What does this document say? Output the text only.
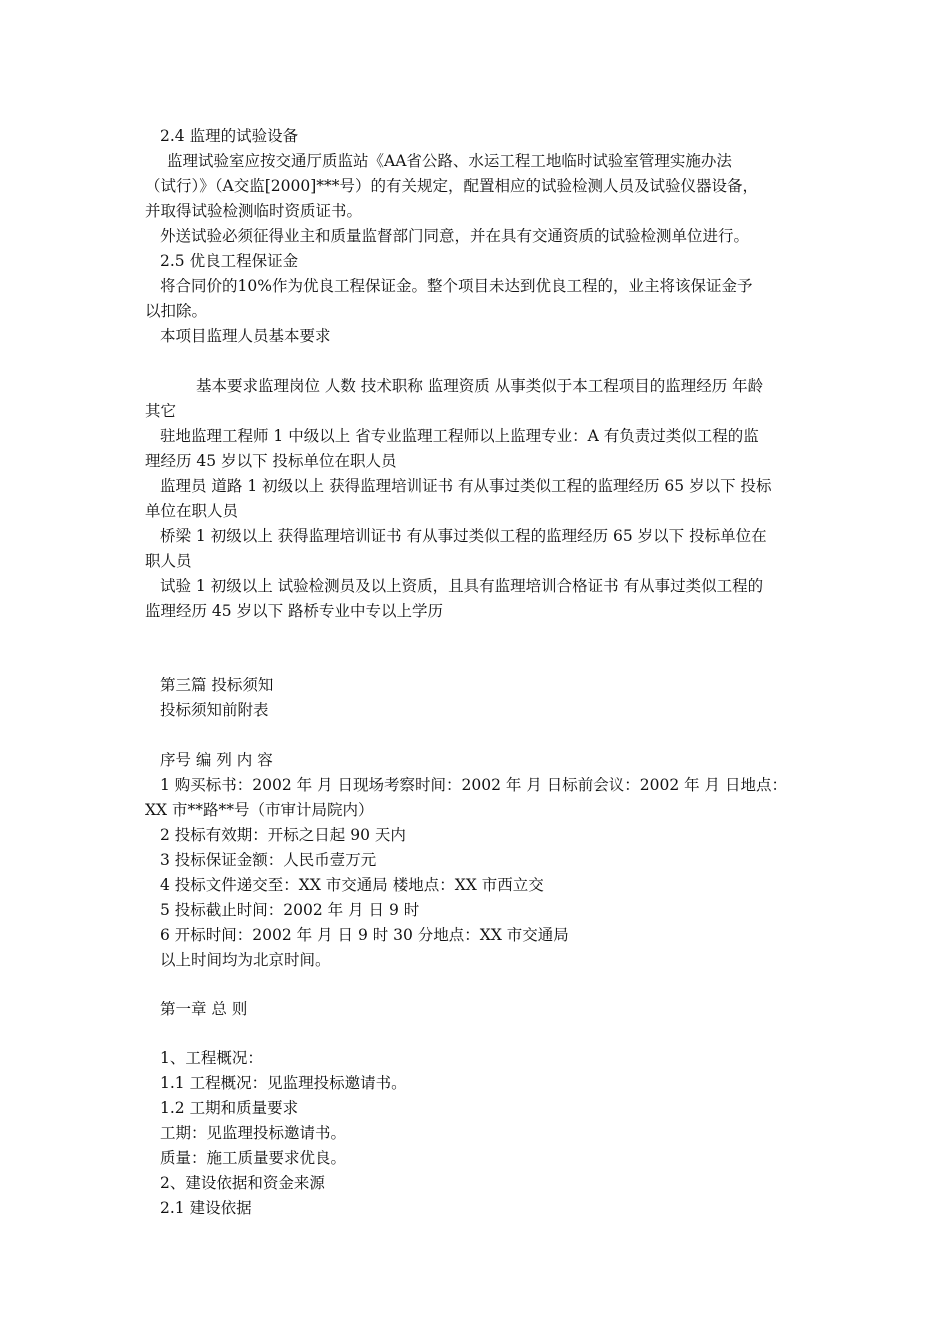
2.4 监理的试验设备
监理试验室应按交通厅质监站《AA省公路、水运工程工地临时试验室管理实施办法
（试行）》（A交监[2000]***号）的有关规定，配置相应的试验检测人员及试验仪器设备，
并取得试验检测临时资质证书。
外送试验必须征得业主和质量监督部门同意，并在具有交通资质的试验检测单位进行。
2.5 优良工程保证金
将合同价的10%作为优良工程保证金。整个项目未达到优良工程的，业主将该保证金予
以扣除。
本项目监理人员基本要求
基本要求监理岗位 人数 技术职称 监理资质 从事类似于本工程项目的监理经历 年龄
其它
驻地监理工程师 1 中级以上 省专业监理工程师以上监理专业：A 有负责过类似工程的监
理经历 45 岁以下 投标单位在职人员
监理员 道路 1 初级以上 获得监理培训证书 有从事过类似工程的监理经历 65 岁以下 投标
单位在职人员
桥梁 1 初级以上 获得监理培训证书 有从事过类似工程的监理经历 65 岁以下 投标单位在
职人员
试验 1 初级以上 试验检测员及以上资质，且具有监理培训合格证书 有从事过类似工程的
监理经历 45 岁以下 路桥专业中专以上学历
第三篇 投标须知
投标须知前附表
序号 编 列 内 容
1 购买标书：2002 年 月 日现场考察时间：2002 年 月 日标前会议：2002 年 月 日地点：
XX 市**路**号（市审计局院内）
2 投标有效期：开标之日起 90 天内
3 投标保证金额：人民币壹万元
4 投标文件递交至：XX 市交通局 楼地点：XX 市西立交
5 投标截止时间：2002 年 月 日 9 时
6 开标时间：2002 年 月 日 9 时 30 分地点：XX 市交通局
以上时间均为北京时间。
第一章 总 则
1、工程概况：
1.1 工程概况：见监理投标邀请书。
1.2 工期和质量要求
工期：见监理投标邀请书。
质量：施工质量要求优良。
2、建设依据和资金来源
2.1 建设依据
